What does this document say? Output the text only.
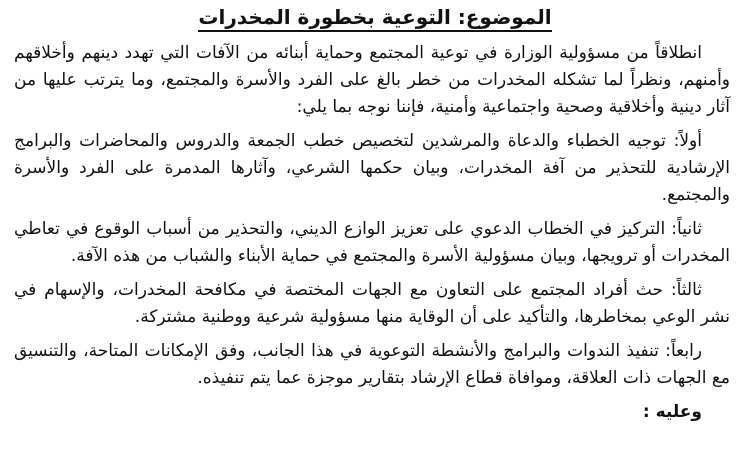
الموضوع: التوعية بخطورة المخدرات

انطلاقاً من مسؤولية الوزارة في توعية المجتمع وحماية أبنائه من الآفات التي تهدد دينهم وأخلاقهم وأمنهم، ونظراً لما تشكله المخدرات من خطر بالغ على الفرد والأسرة والمجتمع، وما يترتب عليها من آثار دينية وأخلاقية وصحية واجتماعية وأمنية، فإننا نوجه بما يلي:

أولاً: توجيه الخطباء والدعاة والمرشدين لتخصيص خطب الجمعة والدروس والمحاضرات والبرامج الإرشادية للتحذير من آفة المخدرات، وبيان حكمها الشرعي، وآثارها المدمرة على الفرد والأسرة والمجتمع.

ثانياً: التركيز في الخطاب الدعوي على تعزيز الوازع الديني، والتحذير من أسباب الوقوع في تعاطي المخدرات أو ترويجها، وبيان مسؤولية الأسرة والمجتمع في حماية الأبناء والشباب من هذه الآفة.

ثالثاً: حث أفراد المجتمع على التعاون مع الجهات المختصة في مكافحة المخدرات، والإسهام في نشر الوعي بمخاطرها، والتأكيد على أن الوقاية منها مسؤولية شرعية ووطنية مشتركة.

رابعاً: تنفيذ الندوات والبرامج والأنشطة التوعوية في هذا الجانب، وفق الإمكانات المتاحة، والتنسيق مع الجهات ذات العلاقة، وموافاة قطاع الإرشاد بتقارير موجزة عما يتم تنفيذه.

وعليه :
